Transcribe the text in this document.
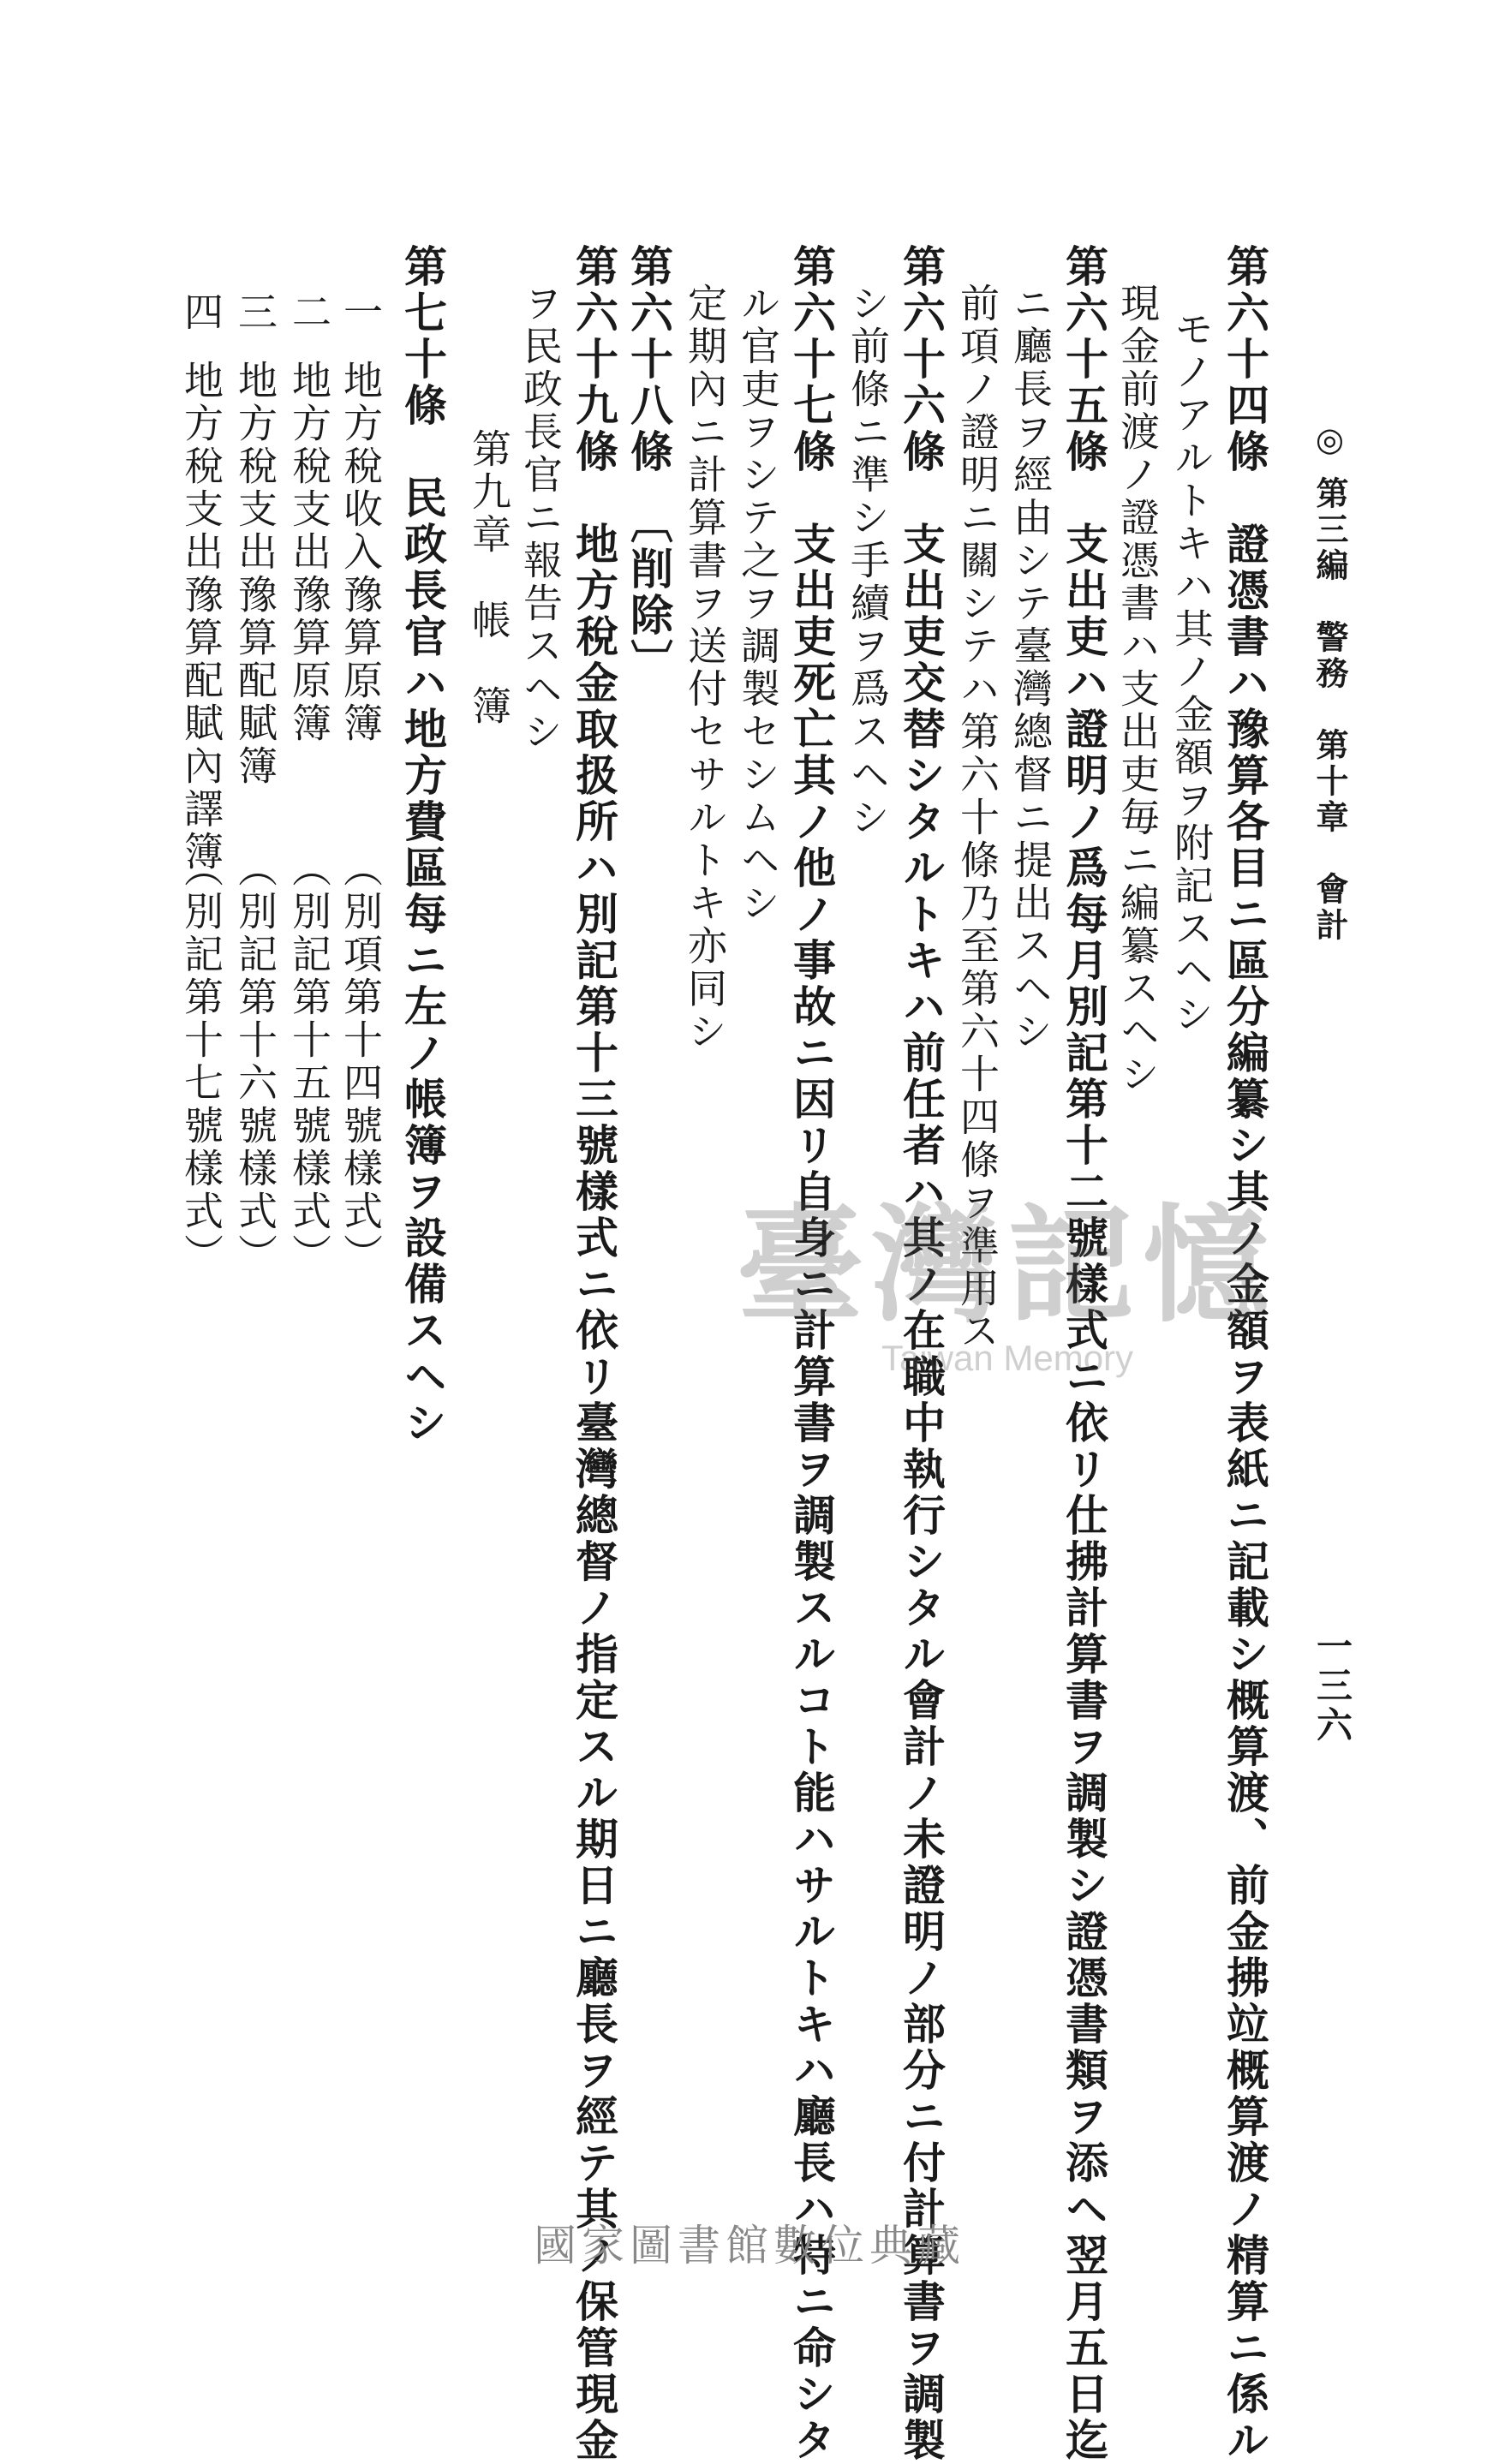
◎ 第三編　警務　第十章　會計
一三六
第六十四條　證憑書ハ豫算各目ニ區分編纂シ其ノ金額ヲ表紙ニ記載シ概算渡、前金拂竝概算渡ノ精算ニ係ル
モノアルトキハ其ノ金額ヲ附記スヘシ
現金前渡ノ證憑書ハ支出吏毎ニ編纂スヘシ
第六十五條　支出吏ハ證明ノ爲每月別記第十二號樣式ニ依リ仕拂計算書ヲ調製シ證憑書類ヲ添ヘ翌月五日迄
ニ廳長ヲ經由シテ臺灣總督ニ提出スヘシ
前項ノ證明ニ關シテハ第六十條乃至第六十四條ヲ準用ス
第六十六條　支出吏交替シタルトキハ前任者ハ其ノ在職中執行シタル會計ノ未證明ノ部分ニ付計算書ヲ調製
シ前條ニ準シ手續ヲ爲スヘシ
第六十七條　支出吏死亡其ノ他ノ事故ニ因リ自身ニ計算書ヲ調製スルコト能ハサルトキハ廳長ハ特ニ命シタ
ル官吏ヲシテ之ヲ調製セシムヘシ
定期內ニ計算書ヲ送付セサルトキ亦同シ
第六十八條　〔削除〕
第六十九條　地方稅金取扱所ハ別記第十三號樣式ニ依リ臺灣總督ノ指定スル期日ニ廳長ヲ經テ其ノ保管現金
ヲ民政長官ニ報告スヘシ
第九章　帳　簿
第七十條　民政長官ハ地方費區每ニ左ノ帳簿ヲ設備スヘシ
一
地方稅收入豫算原簿
（別項第十四號樣式）
二
地方稅支出豫算原簿
（別記第十五號樣式）
三
地方稅支出豫算配賦簿
（別記第十六號樣式）
四
地方稅支出豫算配賦內譯簿
（別記第十七號樣式）	臺灣記憶
Taiwan Memory
國家圖書館數位典藏
